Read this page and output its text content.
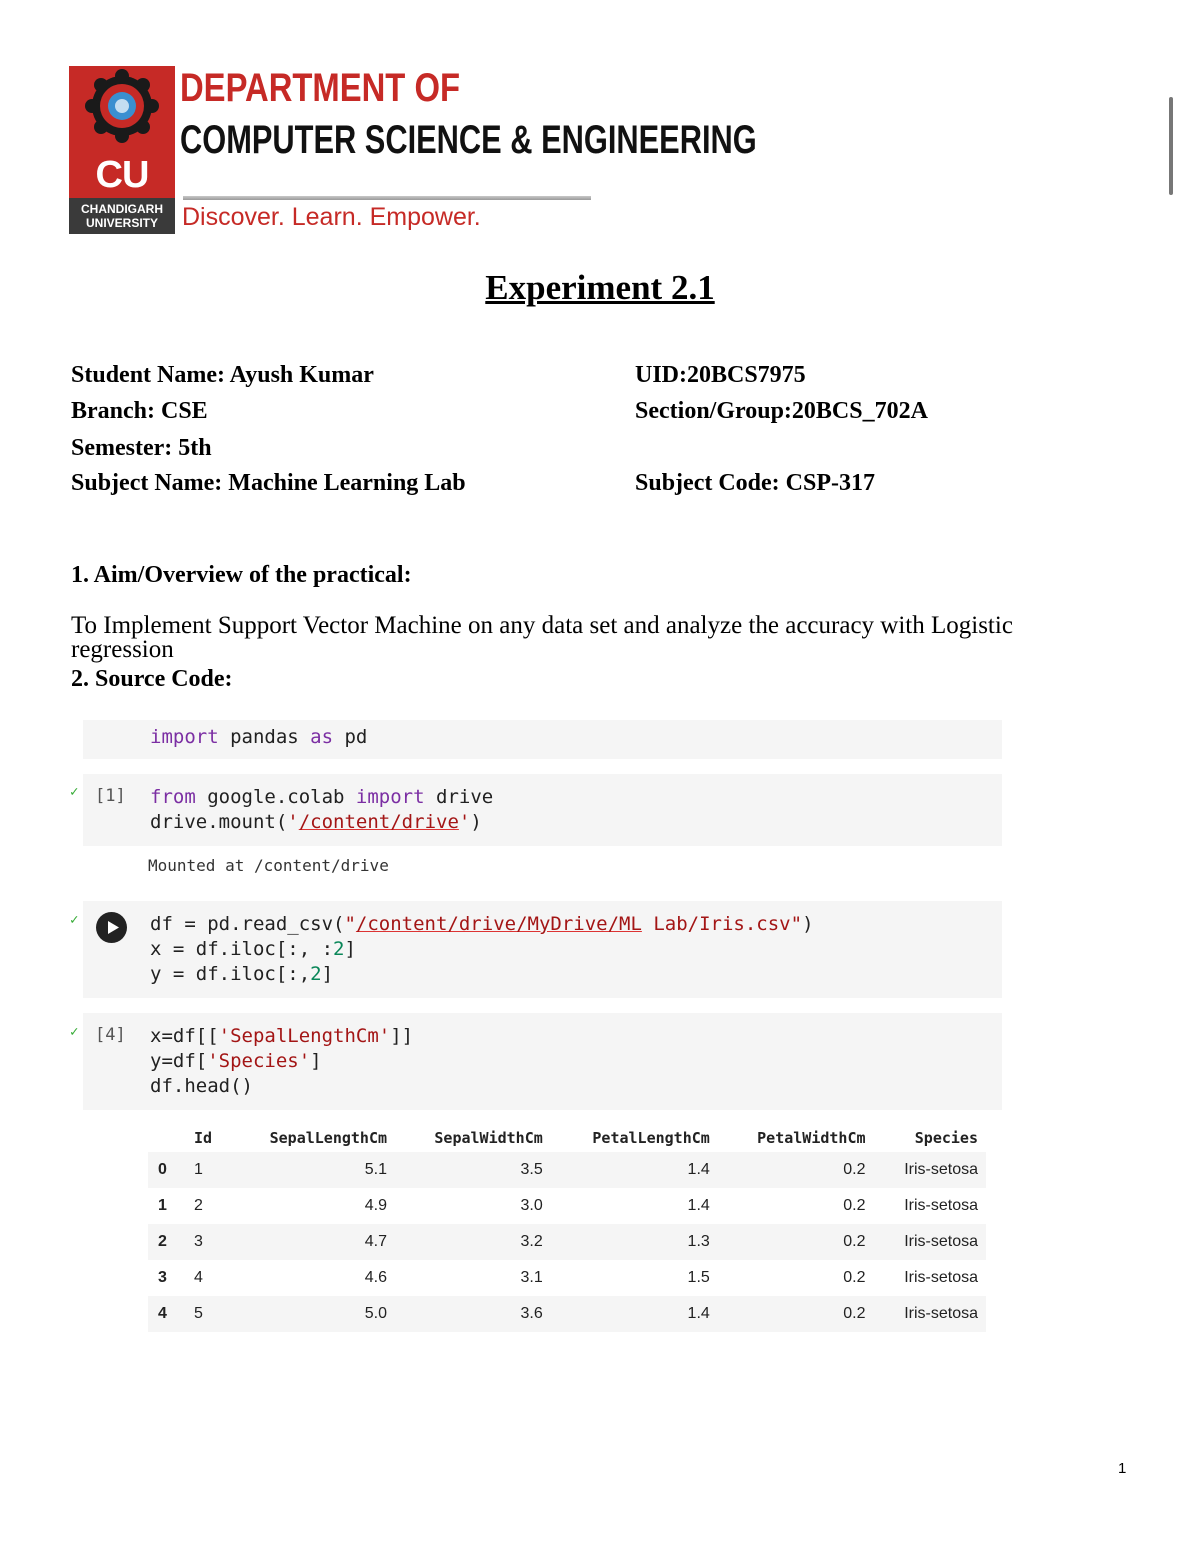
CU
CHANDIGARH UNIVERSITY
DEPARTMENT OF
COMPUTER SCIENCE & ENGINEERING
Discover. Learn. Empower.
Experiment 2.1
Student Name: Ayush Kumar	UID:20BCS7975
Branch: CSE	Section/Group:20BCS_702A
Semester: 5th
Subject Name: Machine Learning Lab	Subject Code: CSP-317
1. Aim/Overview of the practical:
To Implement Support Vector Machine on any data set and analyze the accuracy with Logistic
regression
2. Source Code:
import pandas as pd
✓ [1] from google.colab import drive
drive.mount('/content/drive')
Mounted at /content/drive
✓	df = pd.read_csv("/content/drive/MyDrive/ML Lab/Iris.csv")
x = df.iloc[:, :2]
y = df.iloc[:,2]
✓ [4] x=df[['SepalLengthCm']]
y=df['Species']
df.head()
	Id	SepalLengthCm	SepalWidthCm	PetalLengthCm	PetalWidthCm	Species
0	1	5.1	3.5	1.4	0.2	Iris-setosa
1	2	4.9	3.0	1.4	0.2	Iris-setosa
2	3	4.7	3.2	1.3	0.2	Iris-setosa
3	4	4.6	3.1	1.5	0.2	Iris-setosa
4	5	5.0	3.6	1.4	0.2	Iris-setosa
1
